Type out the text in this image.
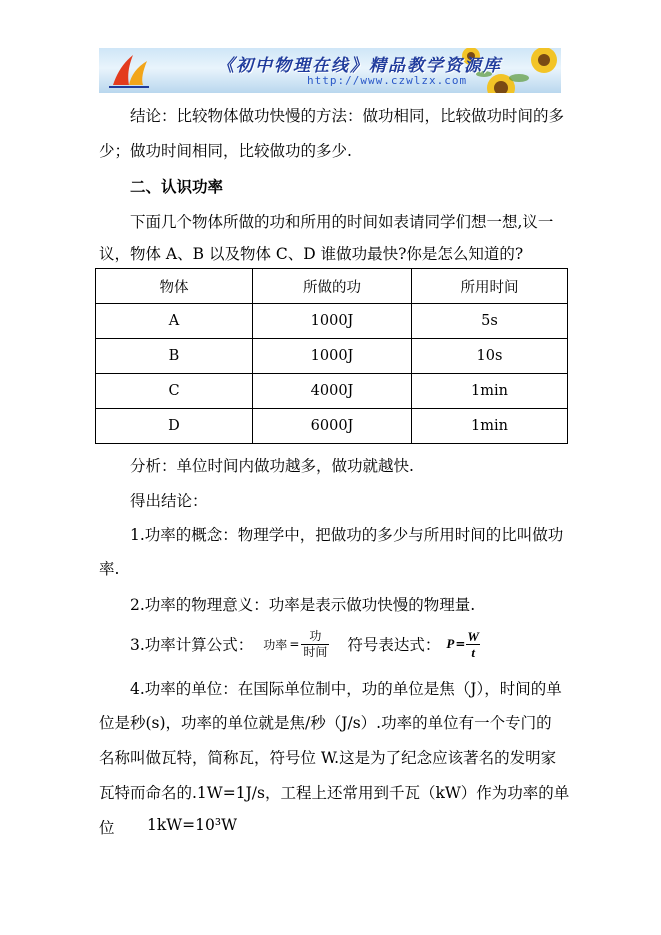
《初中物理在线》精品教学资源库
http://www.czwlzx.com

结论：比较物体做功快慢的方法：做功相同，比较做功时间的多

少；做功时间相同，比较做功的多少.

二、认识功率

下面几个物体所做的功和所用的时间如表请同学们想一想,议一

议，物体 A、B 以及物体 C、D 谁做功最快?你是怎么知道的?

物体	所做的功	所用时间
A	1000J	5s
B	1000J	10s
C	4000J	1min
D	6000J	1min

分析：单位时间内做功越多，做功就越快.

得出结论：

1.功率的概念：物理学中，把做功的多少与所用时间的比叫做功

率.

2.功率的物理意义：功率是表示做功快慢的物理量.

3.功率计算公式： 功率 = $\frac{\text{功}}{\text{时间}}$ 符号表达式： $P = \frac{W}{t}$

4.功率的单位：在国际单位制中，功的单位是焦（J），时间的单

位是秒(s)，功率的单位就是焦/秒（J/s）.功率的单位有一个专门的

名称叫做瓦特，简称瓦，符号位 W.这是为了纪念应该著名的发明家

瓦特而命名的.1W=1J/s，工程上还常用到千瓦（kW）作为功率的单

位 1kW=10³W
